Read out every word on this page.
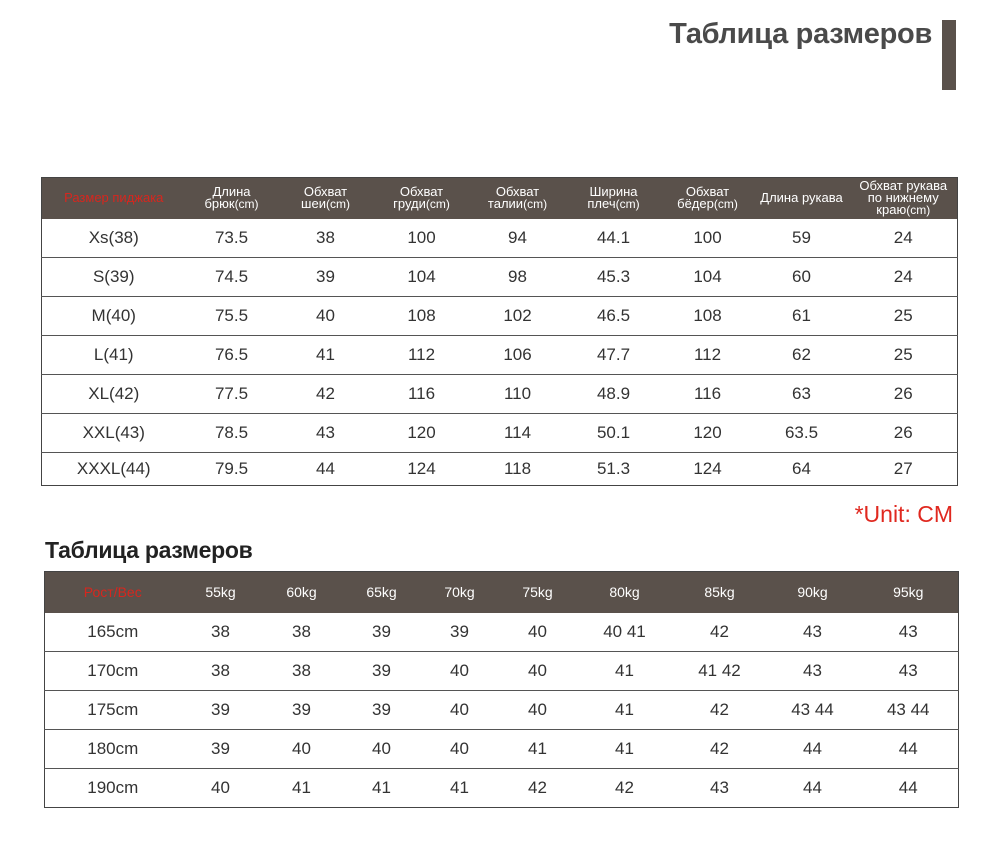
Таблица размеров
Размер пиджака	Длина брюк(cm)	Обхват шеи(cm)	Обхват груди(cm)	Обхват талии(cm)	Ширина плеч(cm)	Обхват бёдер(cm)	Длина рукава	Обхват рукава по нижнему краю(cm)
Xs(38)	73.5	38	100	94	44.1	100	59	24
S(39)	74.5	39	104	98	45.3	104	60	24
M(40)	75.5	40	108	102	46.5	108	61	25
L(41)	76.5	41	112	106	47.7	112	62	25
XL(42)	77.5	42	116	110	48.9	116	63	26
XXL(43)	78.5	43	120	114	50.1	120	63.5	26
XXXL(44)	79.5	44	124	118	51.3	124	64	27
*Unit: CM
Таблица размеров
Рост/Вес	55kg	60kg	65kg	70kg	75kg	80kg	85kg	90kg	95kg
165cm	38	38	39	39	40	40 41	42	43	43
170cm	38	38	39	40	40	41	41 42	43	43
175cm	39	39	39	40	40	41	42	43 44	43 44
180cm	39	40	40	40	41	41	42	44	44
190cm	40	41	41	41	42	42	43	44	44
